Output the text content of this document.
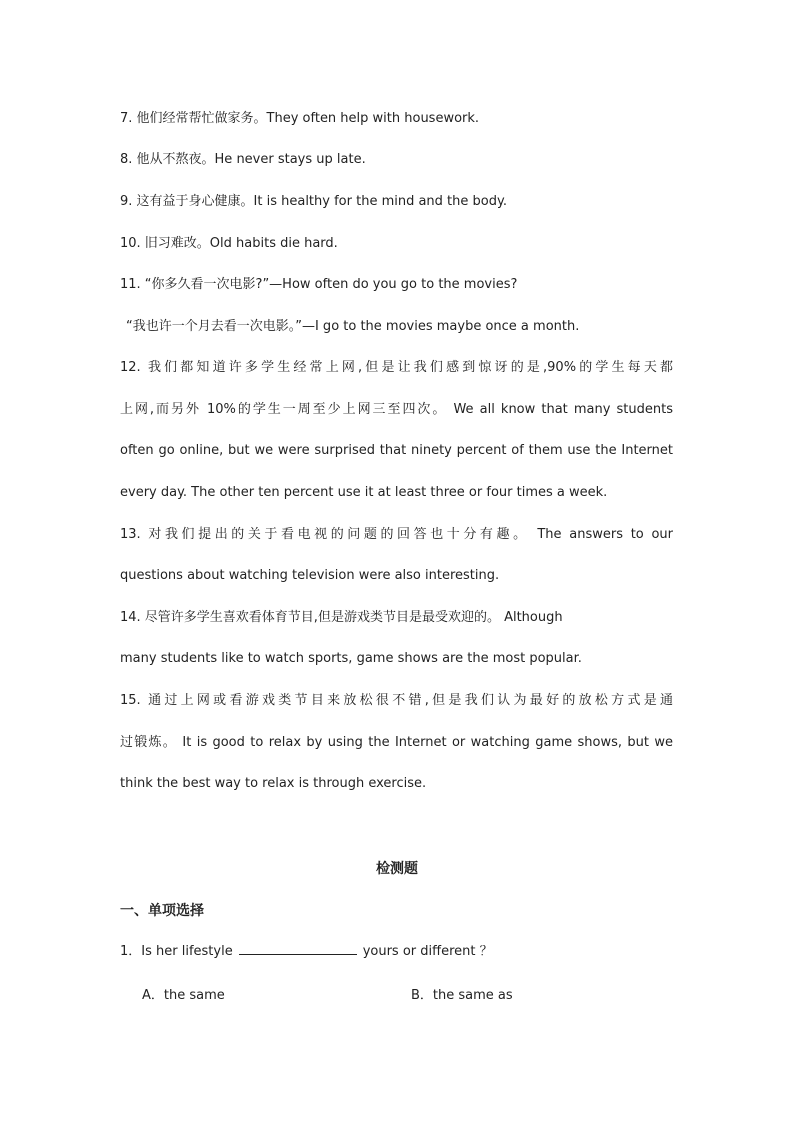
7. 他们经常帮忙做家务。They often help with housework.
8. 他从不熬夜。He never stays up late.
9. 这有益于身心健康。It is healthy for the mind and the body.
10. 旧习难改。Old habits die hard.
11. “你多久看一次电影?”—How often do you go to the movies?
“我也许一个月去看一次电影。”—I go to the movies maybe once a month.
12. 我们都知道许多学生经常上网,但是让我们感到惊讶的是,90%的学生每天都
上网,而另外 10%的学生一周至少上网三至四次。 We all know that many students
often go online, but we were surprised that ninety percent of them use the Internet
every day. The other ten percent use it at least three or four times a week.
13. 对我们提出的关于看电视的问题的回答也十分有趣。 The answers to our
questions about watching television were also interesting.
14. 尽管许多学生喜欢看体育节目,但是游戏类节目是最受欢迎的。 Although
many students like to watch sports, game shows are the most popular.
15. 通过上网或看游戏类节目来放松很不错,但是我们认为最好的放松方式是通
过锻炼。 It is good to relax by using the Internet or watching game shows, but we
think the best way to relax is through exercise.
检测题
一、单项选择
1．Is her lifestyle	yours or different ？
A．the same	B．the same as
